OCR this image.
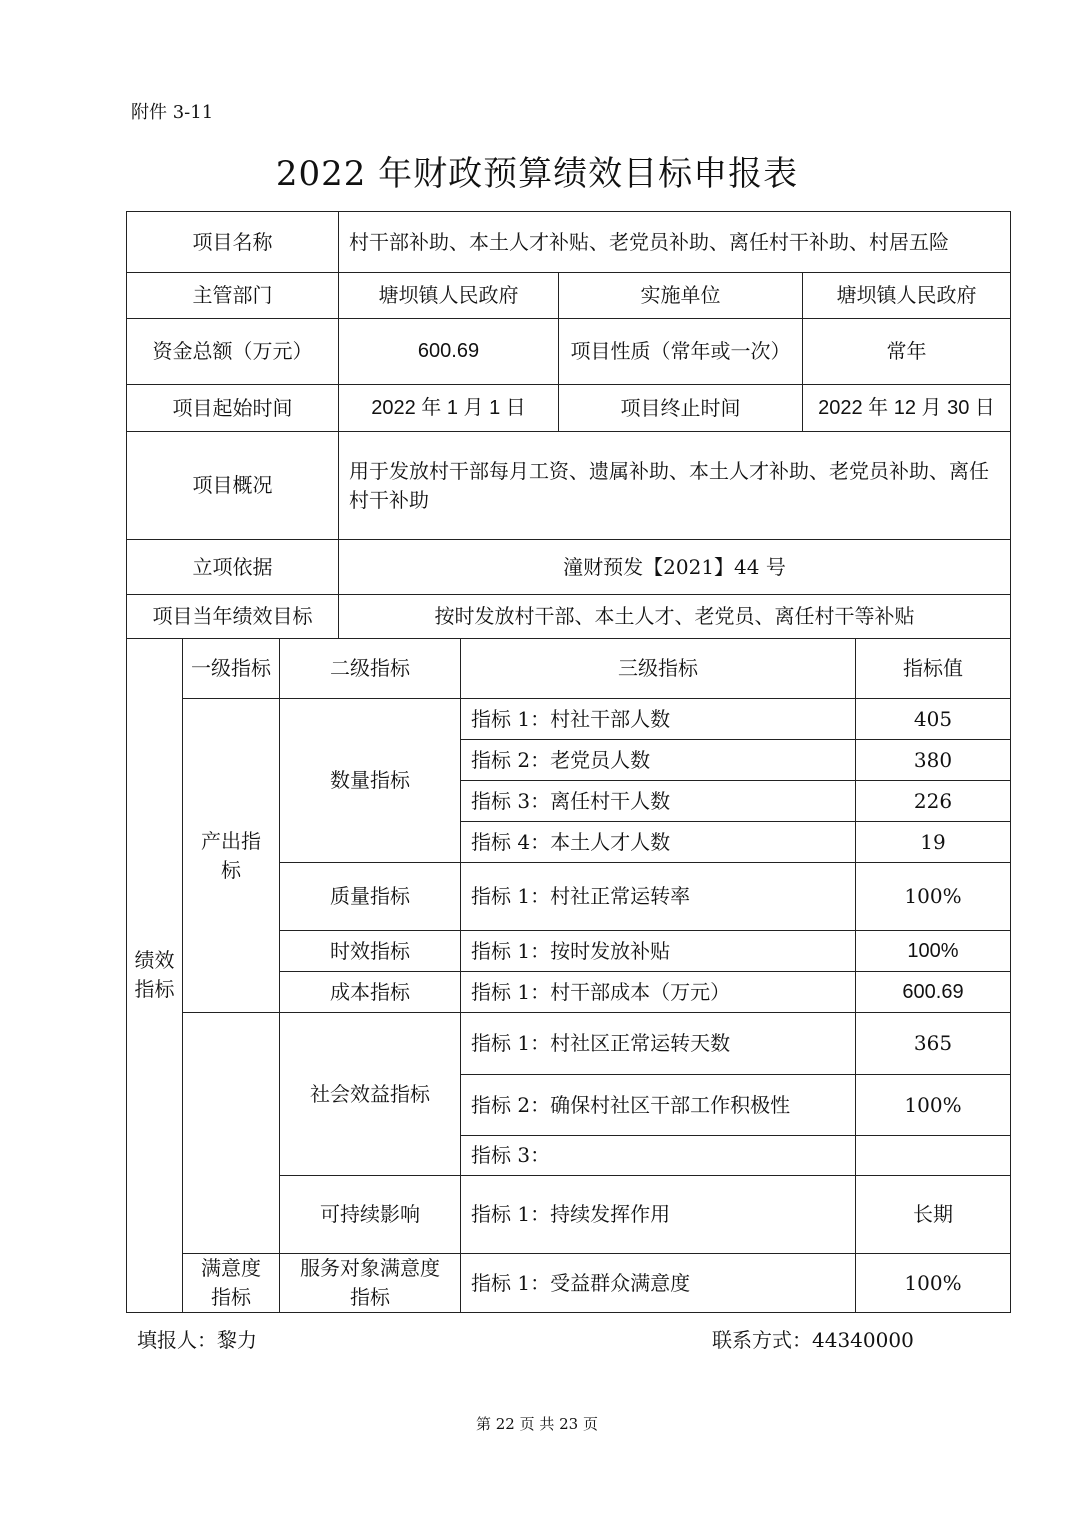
附件 3-11
2022 年财政预算绩效目标申报表
项目名称	村干部补助、本土人才补贴、老党员补助、离任村干补助、村居五险		
主管部门	塘坝镇人民政府	实施单位	塘坝镇人民政府
资金总额（万元）	600.69	项目性质（常年或一次）	常年
项目起始时间	2022 年 1 月 1 日	项目终止时间	2022 年 12 月 30 日
项目概况	用于发放村干部每月工资、遗属补助、本土人才补助、老党员补助、离任村干补助		
立项依据	潼财预发【2021】44 号		
项目当年绩效目标	按时发放村干部、本土人才、老党员、离任村干等补贴		
绩效指标	一级指标	二级指标	三级指标	指标值
	产出指标	数量指标	指标 1：村社干部人数	405
			指标 2：老党员人数	380
			指标 3：离任村干人数	226
			指标 4：本土人才人数	19
		质量指标	指标 1：村社正常运转率	100%
		时效指标	指标 1：按时发放补贴	100%
		成本指标	指标 1：村干部成本（万元）	600.69
		社会效益指标	指标 1：村社区正常运转天数	365
			指标 2：确保村社区干部工作积极性	100%
			指标 3：	
		可持续影响	指标 1：持续发挥作用	长期
	满意度指标	服务对象满意度指标	指标 1：受益群众满意度	100%
填报人：黎力	联系方式：44340000
第 22 页 共 23 页
